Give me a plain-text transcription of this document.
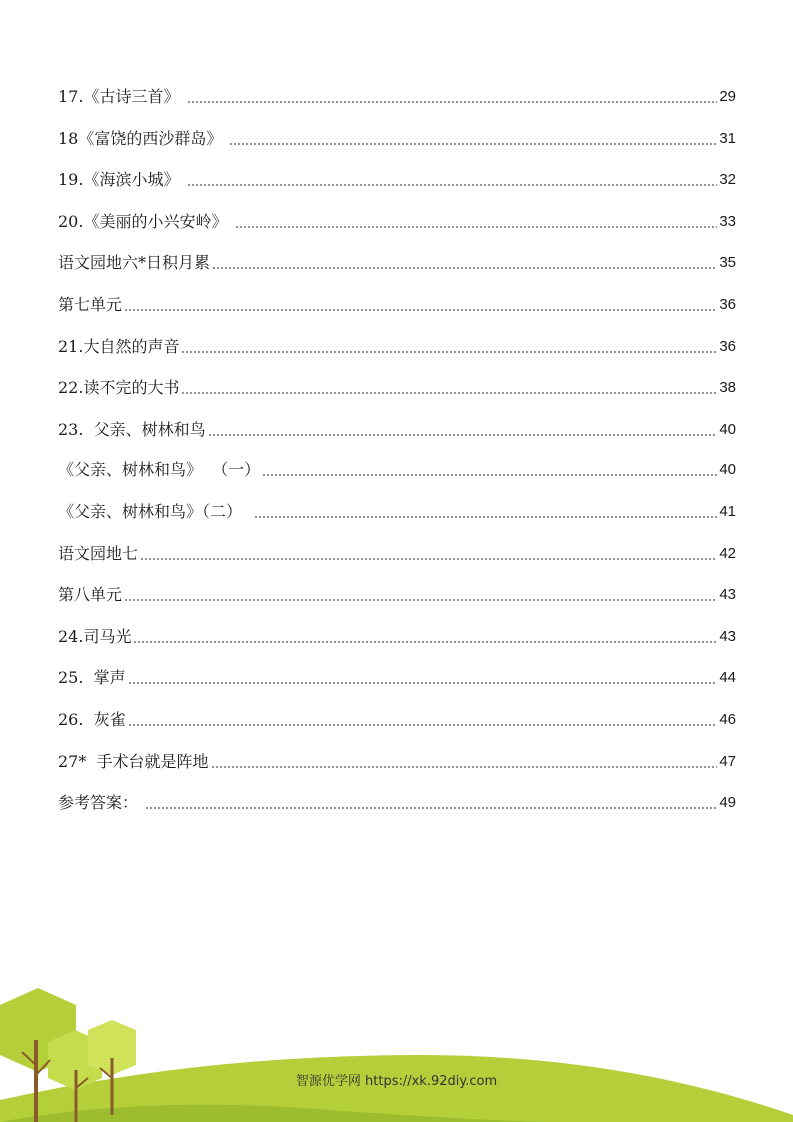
17.《古诗三首》	29
18《富饶的西沙群岛》	31
19.《海滨小城》	32
20.《美丽的小兴安岭》	33
语文园地六*日积月累	35
第七单元	36
21.大自然的声音	36
22.读不完的大书	38
23.  父亲、树林和鸟	40
《父亲、树林和鸟》  （一）	40
《父亲、树林和鸟》（二）	41
语文园地七	42
第八单元	43
24.司马光	43
25.  掌声	44
26.  灰雀	46
27*  手术台就是阵地	47
参考答案：	49
智源优学网 https://xk.92diy.com
